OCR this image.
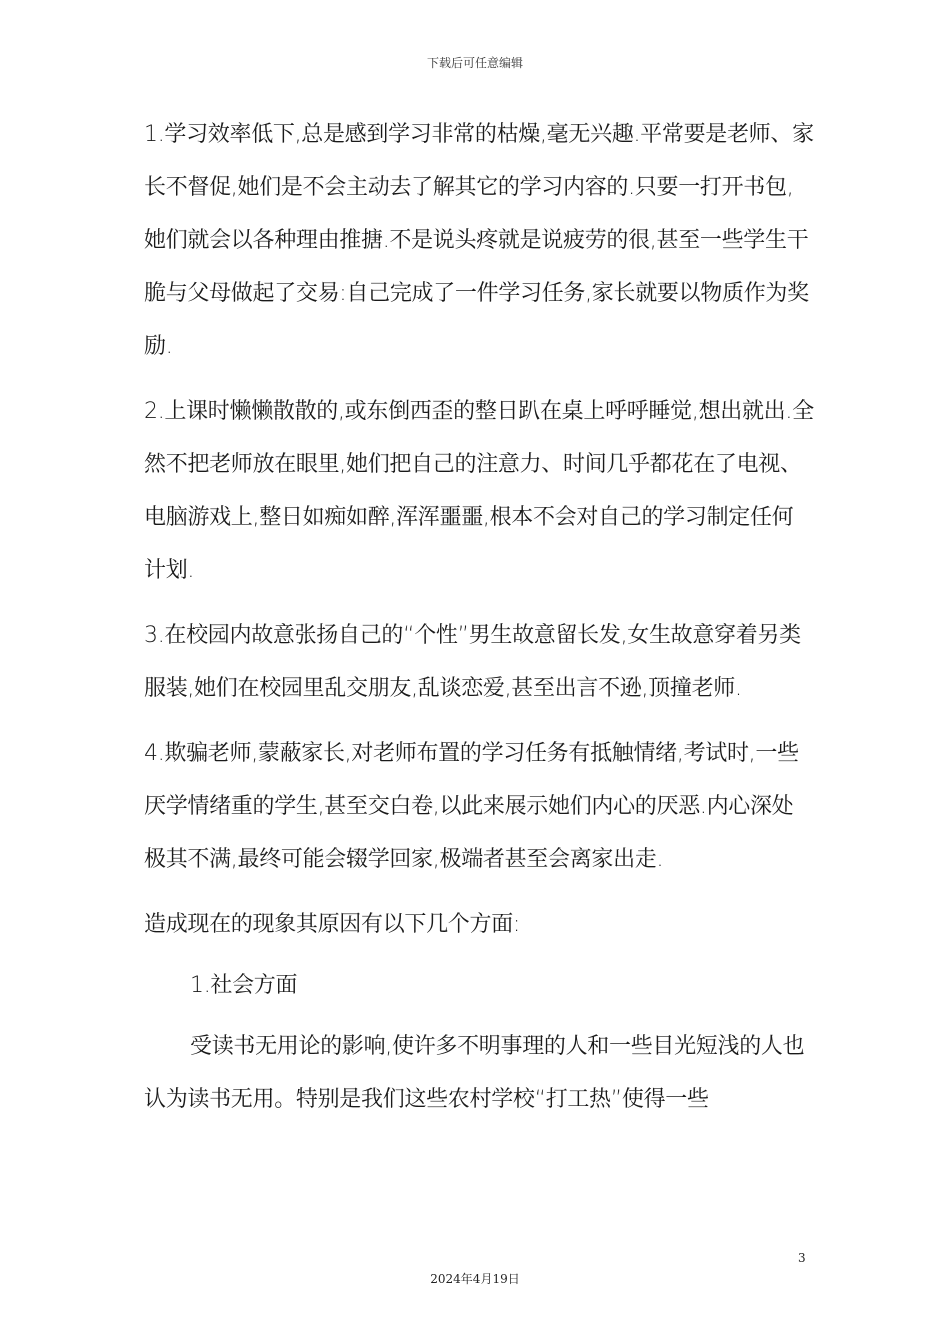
下载后可任意编辑

1.学习效率低下,总是感到学习非常的枯燥,毫无兴趣.平常要是老师、家长不督促,她们是不会主动去了解其它的学习内容的.只要一打开书包,她们就会以各种理由推搪.不是说头疼就是说疲劳的很,甚至一些学生干脆与父母做起了交易:自己完成了一件学习任务,家长就要以物质作为奖励.

2.上课时懒懒散散的,或东倒西歪的整日趴在桌上呼呼睡觉,想出就出.全然不把老师放在眼里,她们把自己的注意力、时间几乎都花在了电视、电脑游戏上,整日如痴如醉,浑浑噩噩,根本不会对自己的学习制定任何计划.

3.在校园内故意张扬自己的“个性”男生故意留长发,女生故意穿着另类服装,她们在校园里乱交朋友,乱谈恋爱,甚至出言不逊,顶撞老师.

4.欺骗老师,蒙蔽家长,对老师布置的学习任务有抵触情绪,考试时,一些厌学情绪重的学生,甚至交白卷,以此来展示她们内心的厌恶.内心深处极其不满,最终可能会辍学回家,极端者甚至会离家出走.

造成现在的现象其原因有以下几个方面:

1.社会方面

受读书无用论的影响,使许多不明事理的人和一些目光短浅的人也认为读书无用。特别是我们这些农村学校“打工热”使得一些

3
2024年4月19日
